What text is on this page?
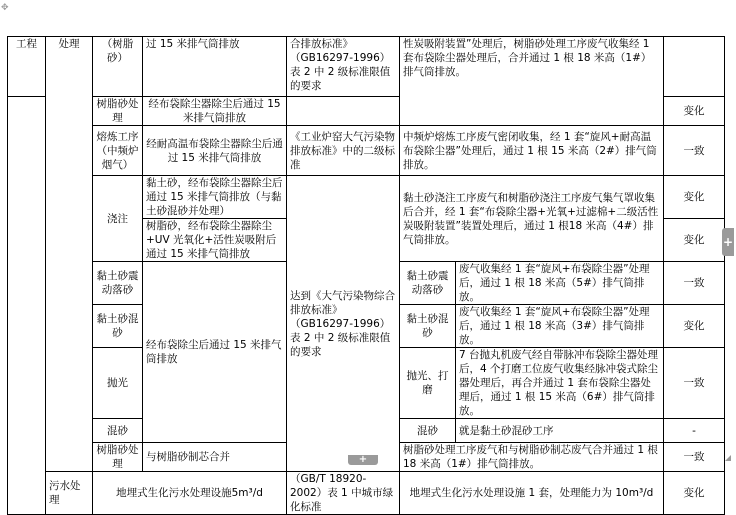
✥
工程	处理	（树脂砂）	过 15 米排气筒排放	合排放标准》（GB16297-1996）表 2 中 2 级标准限值的要求	性炭吸附装置”处理后，树脂砂处理工序废气收集经 1 套布袋除尘器处理后，合并通过 1 根 18 米高（1#）排气筒排放。		
		树脂砂处理	经布袋除尘器除尘后通过 15 米排气筒排放				变化
		熔炼工序（中频炉烟气）	经耐高温布袋除尘器除尘后通过 15 米排气筒排放	《工业炉窑大气污染物排放标准》中的二级标准	中频炉熔炼工序废气密闭收集，经 1 套“旋风+耐高温布袋除尘器”处理后，通过 1 根 15 米高（2#）排气筒排放。		一致
		浇注	黏土砂，经布袋除尘器除尘后通过 15 米排气筒排放（与黏土砂混砂并处理）	达到《大气污染物综合排放标准》（GB16297-1996）表 2 中 2 级标准限值的要求	黏土砂浇注工序废气和树脂砂浇注工序废气集气罩收集后合并，经 1 套“布袋除尘器+光氧+过滤棉+二级活性炭吸附装置”装置处理后，通过 1 根18 米高（4#）排气筒排放。		变化
			树脂砂，经布袋除尘器除尘+UV 光氧化+活性炭吸附后通过 15 米排气筒排放				变化
		黏土砂震动落砂	经布袋除尘后通过 15 米排气筒排放		黏土砂震动落砂	废气收集经 1 套“旋风+布袋除尘器”处理后，通过 1 根 18 米高（5#）排气筒排放。	一致
		黏土砂混砂			黏土砂混砂	废气收集经 1 套“旋风+布袋除尘器”处理后，通过 1 根 18 米高（3#）排气筒排放。	变化
		抛光			抛光、打磨	7 台抛丸机废气经自带脉冲布袋除尘器处理后，4 个打磨工位废气收集经脉冲袋式除尘器处理后，再合并通过 1 套布袋除尘器处理后，通过 1 根 15 米高（6#）排气筒排放。	一致
		混砂			混砂	就是黏土砂混砂工序	-
		树脂砂处理	与树脂砂制芯合并		树脂砂处理工序废气和与树脂砂制芯废气合并通过 1 根 18 米高（1#）排气筒排放。		一致
	污水处理	地埋式生化污水处理设施5m³/d		（GB/T 18920-2002）表 1 中城市绿化标准	地埋式生化污水处理设施 1 套，处理能力为 10m³/d		变化
+
+
